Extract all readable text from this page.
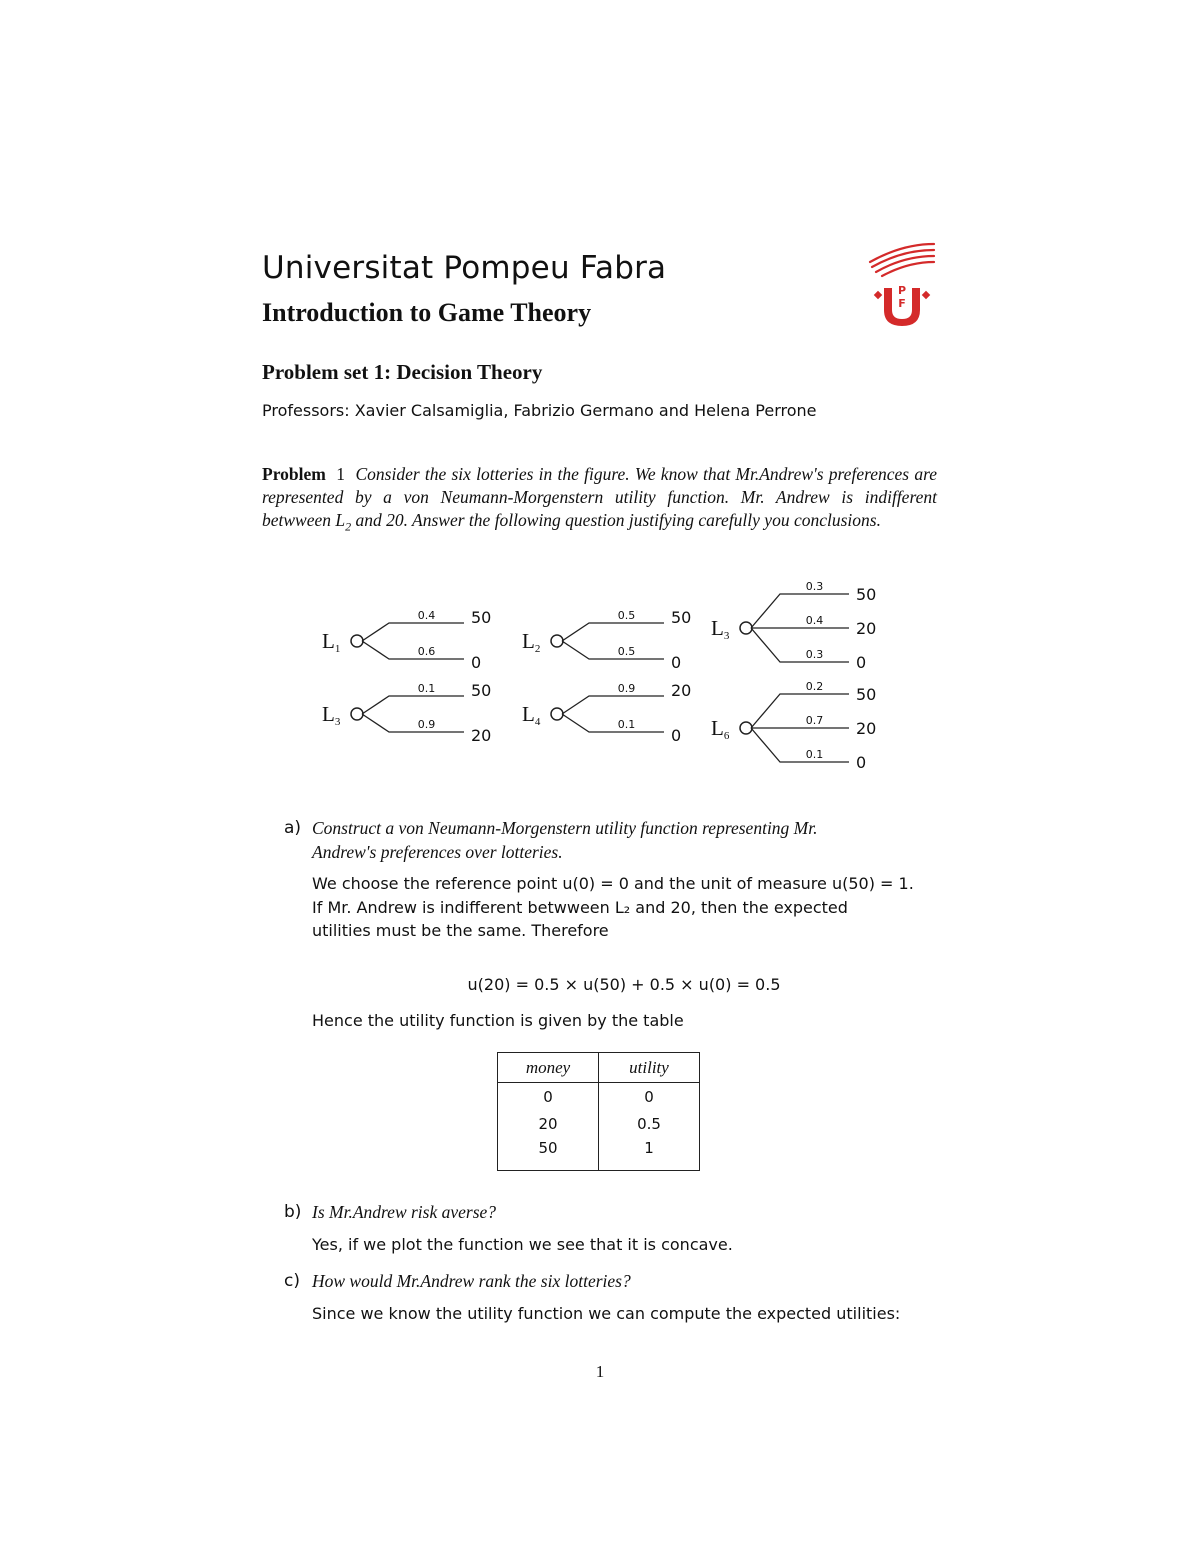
Universitat Pompeu Fabra
Introduction to Game Theory
Problem set 1: Decision Theory
Professors: Xavier Calsamiglia, Fabrizio Germano and Helena Perrone
P
F
Problem 1 Consider the six lotteries in the figure. We know that Mr.Andrew's preferences are represented by a von Neumann-Morgenstern utility function. Mr. Andrew is indifferent betwween $L_2$ and 20. Answer the following question justifying carefully you conclusions.
L1
0.4 50
0.6
0
L2
0.5 50
0.5
0
L3
0.3 50
0.4 20
0.3 0
L3
0.1 50
0.9
20
L4
0.9 20
0.1
0 L6
0.2 50
0.7 20
0.1 0
a) Construct a von Neumann-Morgenstern utility function representing Mr.
Andrew's preferences over lotteries.
We choose the reference point u(0) = 0 and the unit of measure u(50) = 1.
If Mr. Andrew is indifferent betwween L₂ and 20, then the expected
utilities must be the same. Therefore
u(20) = 0.5 × u(50) + 0.5 × u(0) = 0.5
Hence the utility function is given by the table
money	utility
0	0
20	0.5
50	1
b) Is Mr.Andrew risk averse?
Yes, if we plot the function we see that it is concave.
c) How would Mr.Andrew rank the six lotteries?
Since we know the utility function we can compute the expected utilities:
1
